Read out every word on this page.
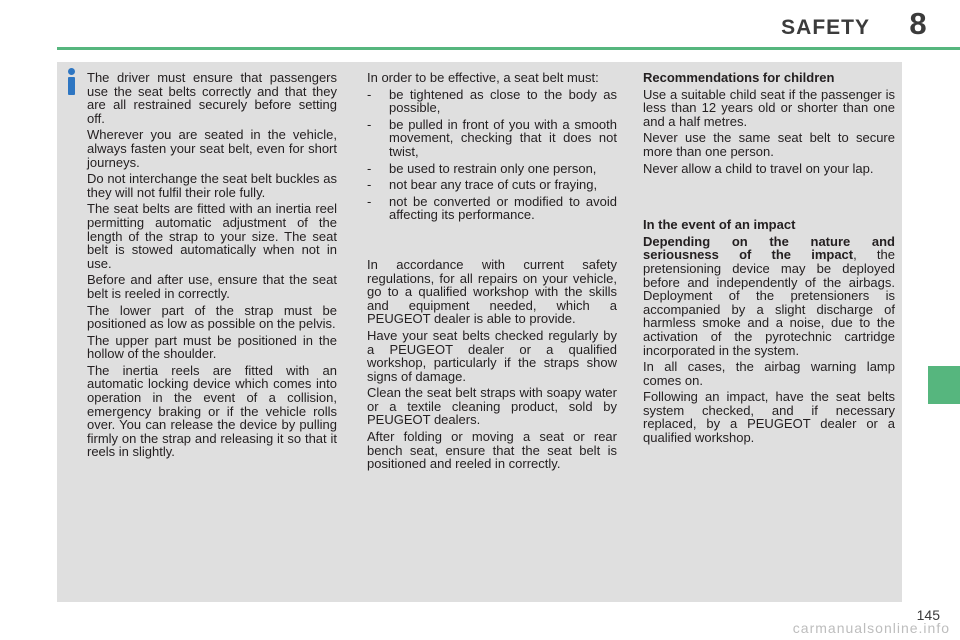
SAFETY	8

The driver must ensure that passengers use the seat belts correctly and that they are all restrained securely before setting off.

Wherever you are seated in the vehicle, always fasten your seat belt, even for short journeys.

Do not interchange the seat belt buckles as they will not fulfil their role fully.

The seat belts are fitted with an inertia reel permitting automatic adjustment of the length of the strap to your size. The seat belt is stowed automatically when not in use.

Before and after use, ensure that the seat belt is reeled in correctly.

The lower part of the strap must be positioned as low as possible on the pelvis.

The upper part must be positioned in the hollow of the shoulder.

The inertia reels are fitted with an automatic locking device which comes into operation in the event of a collision, emergency braking or if the vehicle rolls over. You can release the device by pulling firmly on the strap and releasing it so that it reels in slightly.

In order to be effective, a seat belt must:

- be tightened as close to the body as possible,
- be pulled in front of you with a smooth movement, checking that it does not twist,
- be used to restrain only one person,
- not bear any trace of cuts or fraying,
- not be converted or modified to avoid affecting its performance.

In accordance with current safety regulations, for all repairs on your vehicle, go to a qualified workshop with the skills and equipment needed, which a PEUGEOT dealer is able to provide.

Have your seat belts checked regularly by a PEUGEOT dealer or a qualified workshop, particularly if the straps show signs of damage.

Clean the seat belt straps with soapy water or a textile cleaning product, sold by PEUGEOT dealers.

After folding or moving a seat or rear bench seat, ensure that the seat belt is positioned and reeled in correctly.

Recommendations for children

Use a suitable child seat if the passenger is less than 12 years old or shorter than one and a half metres.

Never use the same seat belt to secure more than one person.

Never allow a child to travel on your lap.

In the event of an impact

Depending on the nature and seriousness of the impact, the pretensioning device may be deployed before and independently of the airbags. Deployment of the pretensioners is accompanied by a slight discharge of harmless smoke and a noise, due to the activation of the pyrotechnic cartridge incorporated in the system.

In all cases, the airbag warning lamp comes on.

Following an impact, have the seat belts system checked, and if necessary replaced, by a PEUGEOT dealer or a qualified workshop.

145
carmanualsonline.info
